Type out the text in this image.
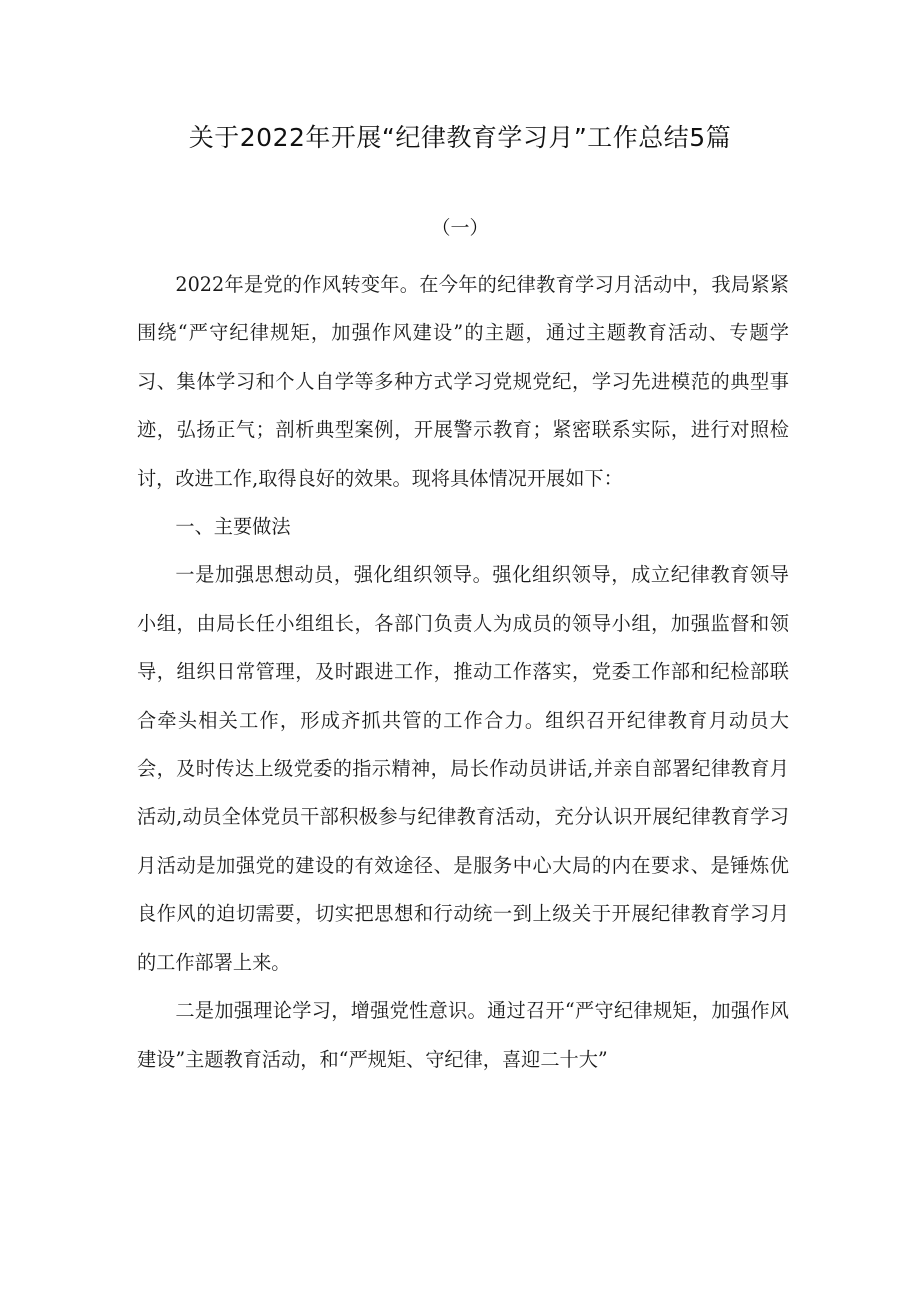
关于2022年开展“纪律教育学习月”工作总结5篇
（一）

2022年是党的作风转变年。在今年的纪律教育学习月活动中，我局紧紧围绕“严守纪律规矩，加强作风建设”的主题，通过主题教育活动、专题学习、集体学习和个人自学等多种方式学习党规党纪，学习先进模范的典型事迹，弘扬正气；剖析典型案例，开展警示教育；紧密联系实际，进行对照检讨，改进工作,取得良好的效果。现将具体情况开展如下：

一、主要做法

一是加强思想动员，强化组织领导。强化组织领导，成立纪律教育领导小组，由局长任小组组长，各部门负责人为成员的领导小组，加强监督和领导，组织日常管理，及时跟进工作，推动工作落实，党委工作部和纪检部联合牵头相关工作，形成齐抓共管的工作合力。组织召开纪律教育月动员大会，及时传达上级党委的指示精神，局长作动员讲话,并亲自部署纪律教育月活动,动员全体党员干部积极参与纪律教育活动，充分认识开展纪律教育学习月活动是加强党的建设的有效途径、是服务中心大局的内在要求、是锤炼优良作风的迫切需要，切实把思想和行动统一到上级关于开展纪律教育学习月的工作部署上来。

二是加强理论学习，增强党性意识。通过召开“严守纪律规矩，加强作风建设”主题教育活动，和“严规矩、守纪律，喜迎二十大”
